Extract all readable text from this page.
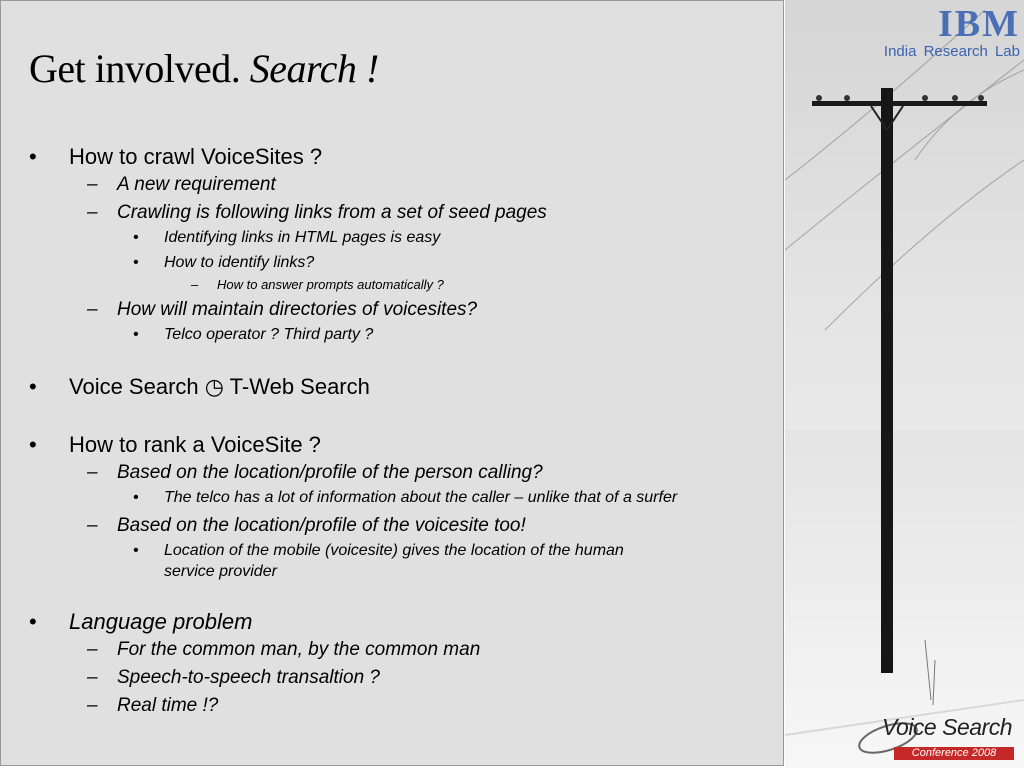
Get involved. Search !
• How to crawl VoiceSites ?
– A new requirement
– Crawling is following links from a set of seed pages
• Identifying links in HTML pages is easy
• How to identify links?
– How to answer prompts automatically ?
– How will maintain directories of voicesites?
• Telco operator ? Third party ?
• Voice Search ◷ T-Web Search
• How to rank a VoiceSite ?
– Based on the location/profile of the person calling?
• The telco has a lot of information about the caller – unlike that of a surfer
– Based on the location/profile of the voicesite too!
• Location of the mobile (voicesite) gives the location of the human
service provider
• Language problem
– For the common man, by the common man
– Speech-to-speech transaltion ?
– Real time !?
IBM
India Research Lab
Voice Search
Conference 2008
